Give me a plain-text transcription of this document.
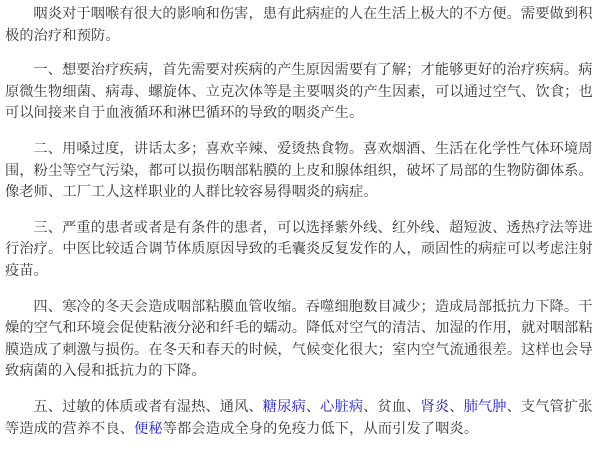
咽炎对于咽喉有很大的影响和伤害，患有此病症的人在生活上极大的不方便。需要做到积极的治疗和预防。

一、想要治疗疾病，首先需要对疾病的产生原因需要有了解；才能够更好的治疗疾病。病原微生物细菌、病毒、螺旋体、立克次体等是主要咽炎的产生因素，可以通过空气、饮食；也可以间接来自于血液循环和淋巴循环的导致的咽炎产生。

二、用嗓过度，讲话太多；喜欢辛辣、爱烫热食物。喜欢烟酒、生活在化学性气体环境周围，粉尘等空气污染，都可以损伤咽部粘膜的上皮和腺体组织，破坏了局部的生物防御体系。像老师、工厂工人这样职业的人群比较容易得咽炎的病症。

三、严重的患者或者是有条件的患者，可以选择紫外线、红外线、超短波、透热疗法等进行治疗。中医比较适合调节体质原因导致的毛囊炎反复发作的人，顽固性的病症可以考虑注射疫苗。

四、寒冷的冬天会造成咽部粘膜血管收缩。吞噬细胞数目减少；造成局部抵抗力下降。干燥的空气和环境会促使粘液分泌和纤毛的蠕动。降低对空气的清洁、加湿的作用，就对咽部粘膜造成了刺激与损伤。在冬天和春天的时候，气候变化很大；室内空气流通很差。这样也会导致病菌的入侵和抵抗力的下降。

五、过敏的体质或者有湿热、通风、糖尿病、心脏病、贫血、肾炎、肺气肿、支气管扩张等造成的营养不良、便秘等都会造成全身的免疫力低下，从而引发了咽炎。
